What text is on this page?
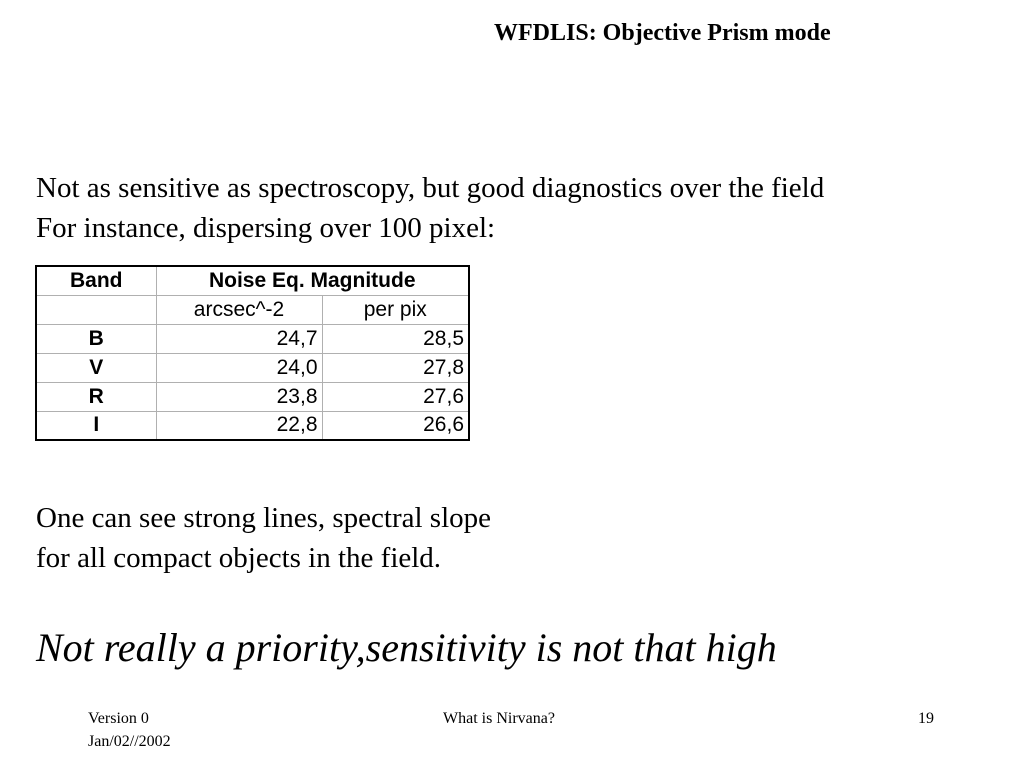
WFDLIS: Objective Prism mode
Not as sensitive as spectroscopy, but good diagnostics over the field
For instance, dispersing over 100 pixel:
Band	Noise Eq. Magnitude	
	arcsec^-2	per pix
B	24,7	28,5
V	24,0	27,8
R	23,8	27,6
I	22,8	26,6
One can see strong lines, spectral slope
for all compact objects in the field.
Not really a priority,sensitivity is not that high
Version 0
Jan/02//2002
What is Nirvana?	19
